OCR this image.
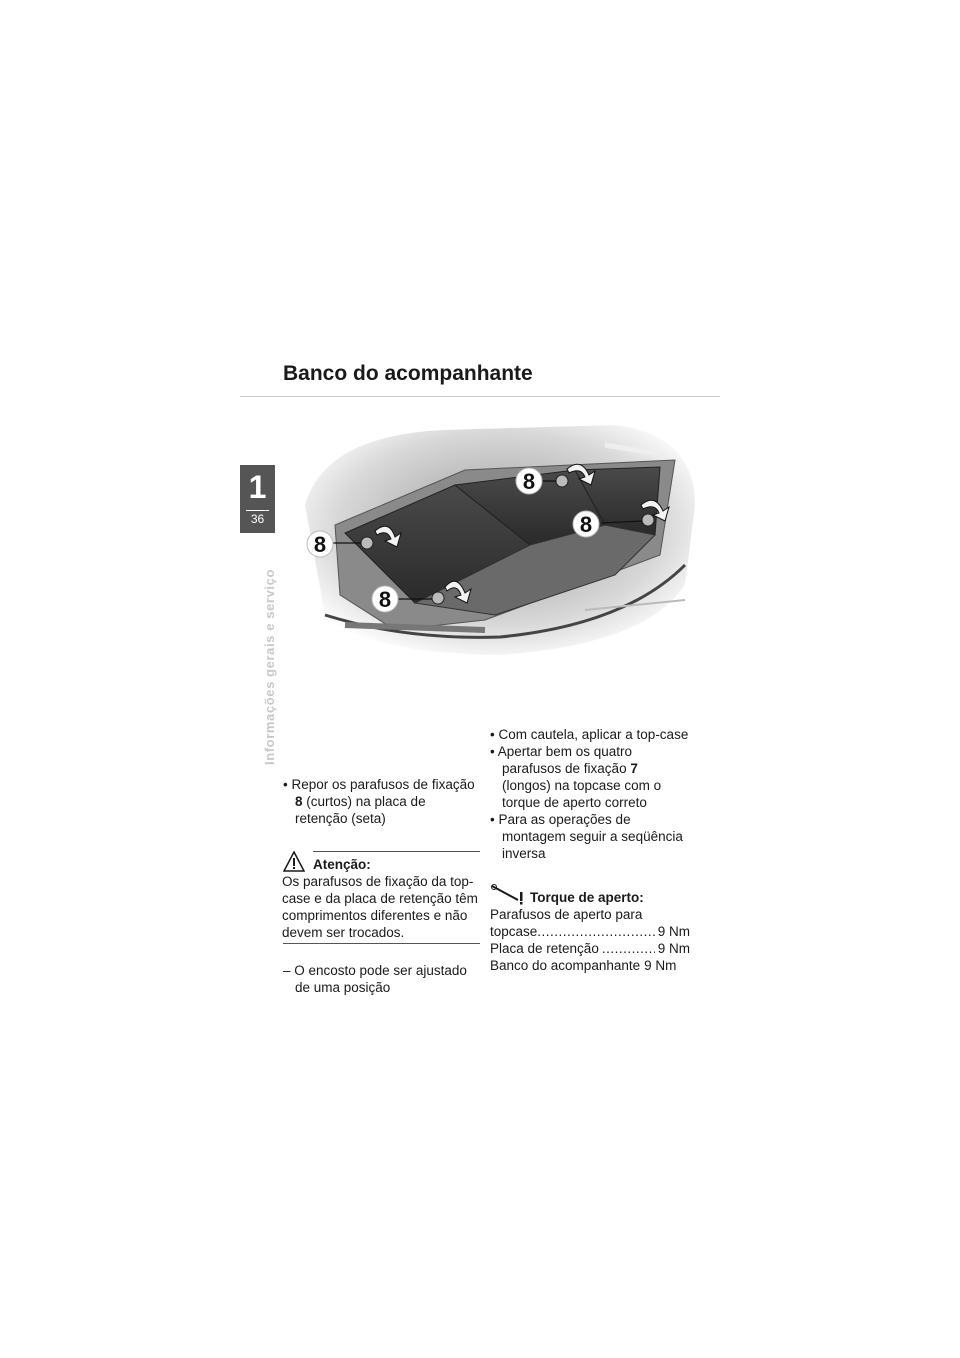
Banco do acompanhante
1
36
Informações gerais e serviço
8
8
8
8

• Repor os parafusos de fixação 8 (curtos) na placa de retenção (seta)

Atenção:

Os parafusos de fixação da top-case e da placa de retenção têm comprimentos diferentes e não devem ser trocados.

– O encosto pode ser ajustado de uma posição

• Com cautela, aplicar a top-case

• Apertar bem os quatro parafusos de fixação 7 (longos) na topcase com o torque de aperto correto

• Para as operações de montagem seguir a seqüência inversa

Torque de aperto:

Parafusos de aperto para

topcase .....	9 Nm
Placa de retenção .....	9 Nm
Banco do acompanhante 9 Nm
